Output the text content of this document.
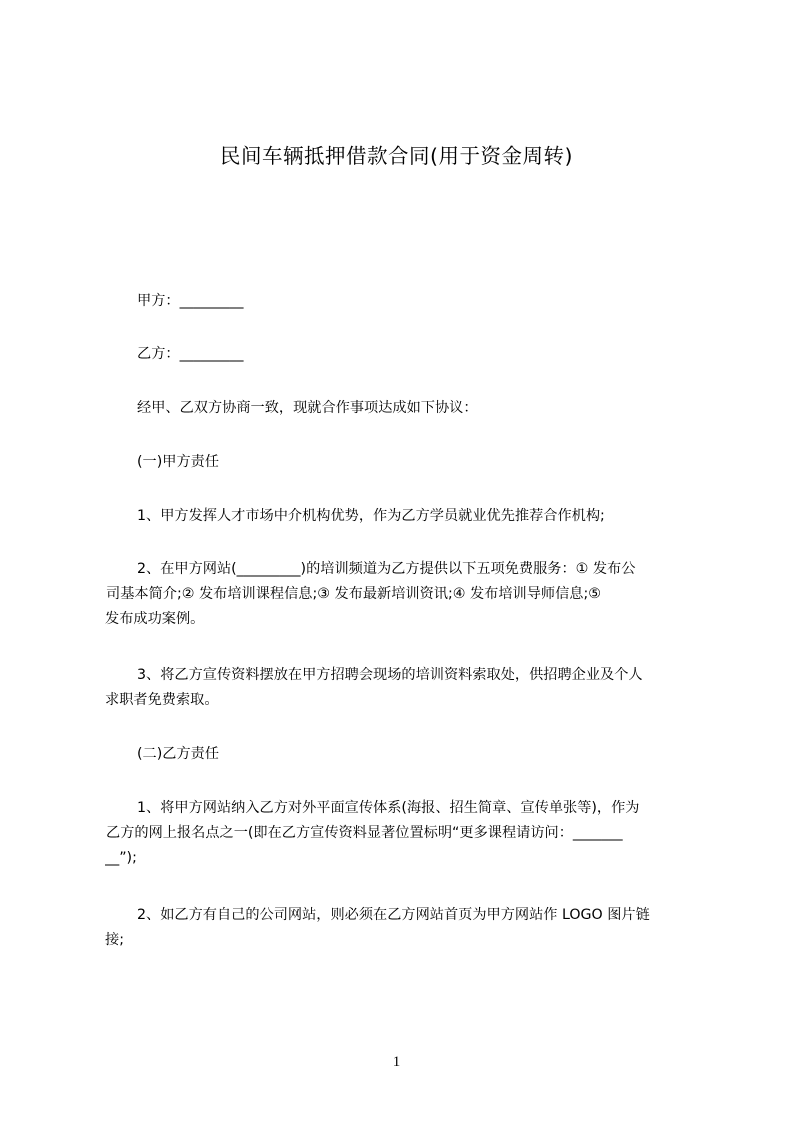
民间车辆抵押借款合同(用于资金周转)
甲方：_________
乙方：_________
经甲、乙双方协商一致，现就合作事项达成如下协议：
(一)甲方责任
1、甲方发挥人才市场中介机构优势，作为乙方学员就业优先推荐合作机构;
2、在甲方网站(_________)的培训频道为乙方提供以下五项免费服务：① 发布公
司基本简介;② 发布培训课程信息;③ 发布最新培训资讯;④ 发布培训导师信息;⑤
发布成功案例。
3、将乙方宣传资料摆放在甲方招聘会现场的培训资料索取处，供招聘企业及个人
求职者免费索取。
(二)乙方责任
1、将甲方网站纳入乙方对外平面宣传体系(海报、招生简章、宣传单张等)，作为
乙方的网上报名点之一(即在乙方宣传资料显著位置标明“更多课程请访问：_______
__”);
2、如乙方有自己的公司网站，则必须在乙方网站首页为甲方网站作 LOGO 图片链
接;
1
